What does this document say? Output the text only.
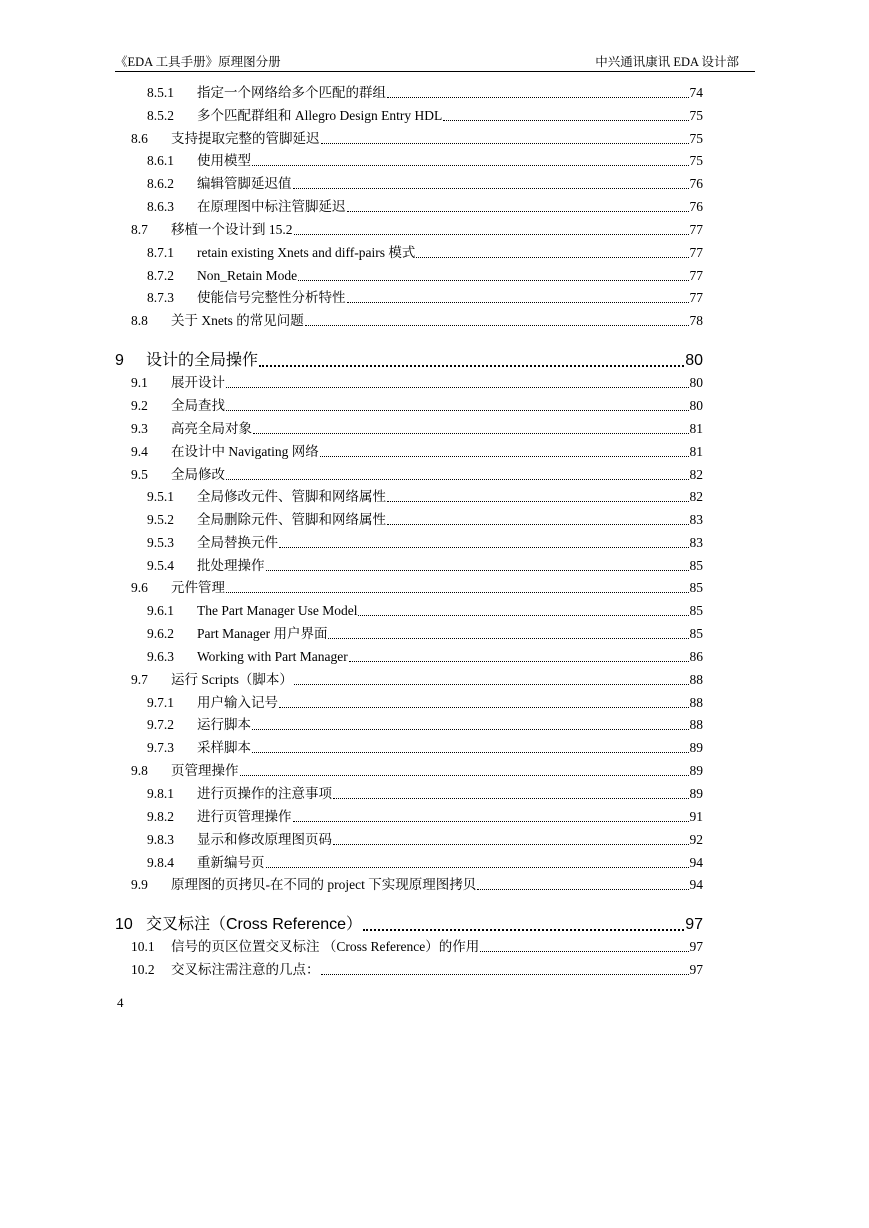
《EDA 工具手册》原理图分册	中兴通讯康讯 EDA 设计部
8.5.1	指定一个网络给多个匹配的群组	74
8.5.2	多个匹配群组和 Allegro Design Entry HDL	75
8.6	支持提取完整的管脚延迟	75
8.6.1	使用模型	75
8.6.2	编辑管脚延迟值	76
8.6.3	在原理图中标注管脚延迟	76
8.7	移植一个设计到 15.2	77
8.7.1	retain existing Xnets and diff-pairs 模式	77
8.7.2	Non_Retain Mode	77
8.7.3	使能信号完整性分析特性	77
8.8	关于 Xnets 的常见问题	78
9	设计的全局操作	80
9.1	展开设计	80
9.2	全局查找	80
9.3	高亮全局对象	81
9.4	在设计中 Navigating 网络	81
9.5	全局修改	82
9.5.1	全局修改元件、管脚和网络属性	82
9.5.2	全局删除元件、管脚和网络属性	83
9.5.3	全局替换元件	83
9.5.4	批处理操作	85
9.6	元件管理	85
9.6.1	The Part Manager Use Model	85
9.6.2	Part Manager 用户界面	85
9.6.3	Working with Part Manager	86
9.7	运行 Scripts（脚本）	88
9.7.1	用户输入记号	88
9.7.2	运行脚本	88
9.7.3	采样脚本	89
9.8	页管理操作	89
9.8.1	进行页操作的注意事项	89
9.8.2	进行页管理操作	91
9.8.3	显示和修改原理图页码	92
9.8.4	重新编号页	94
9.9	原理图的页拷贝-在不同的 project 下实现原理图拷贝	94
10 交叉标注（Cross Reference）	97
10.1	信号的页区位置交叉标注 （Cross Reference）的作用	97
10.2	交叉标注需注意的几点：	97
4
